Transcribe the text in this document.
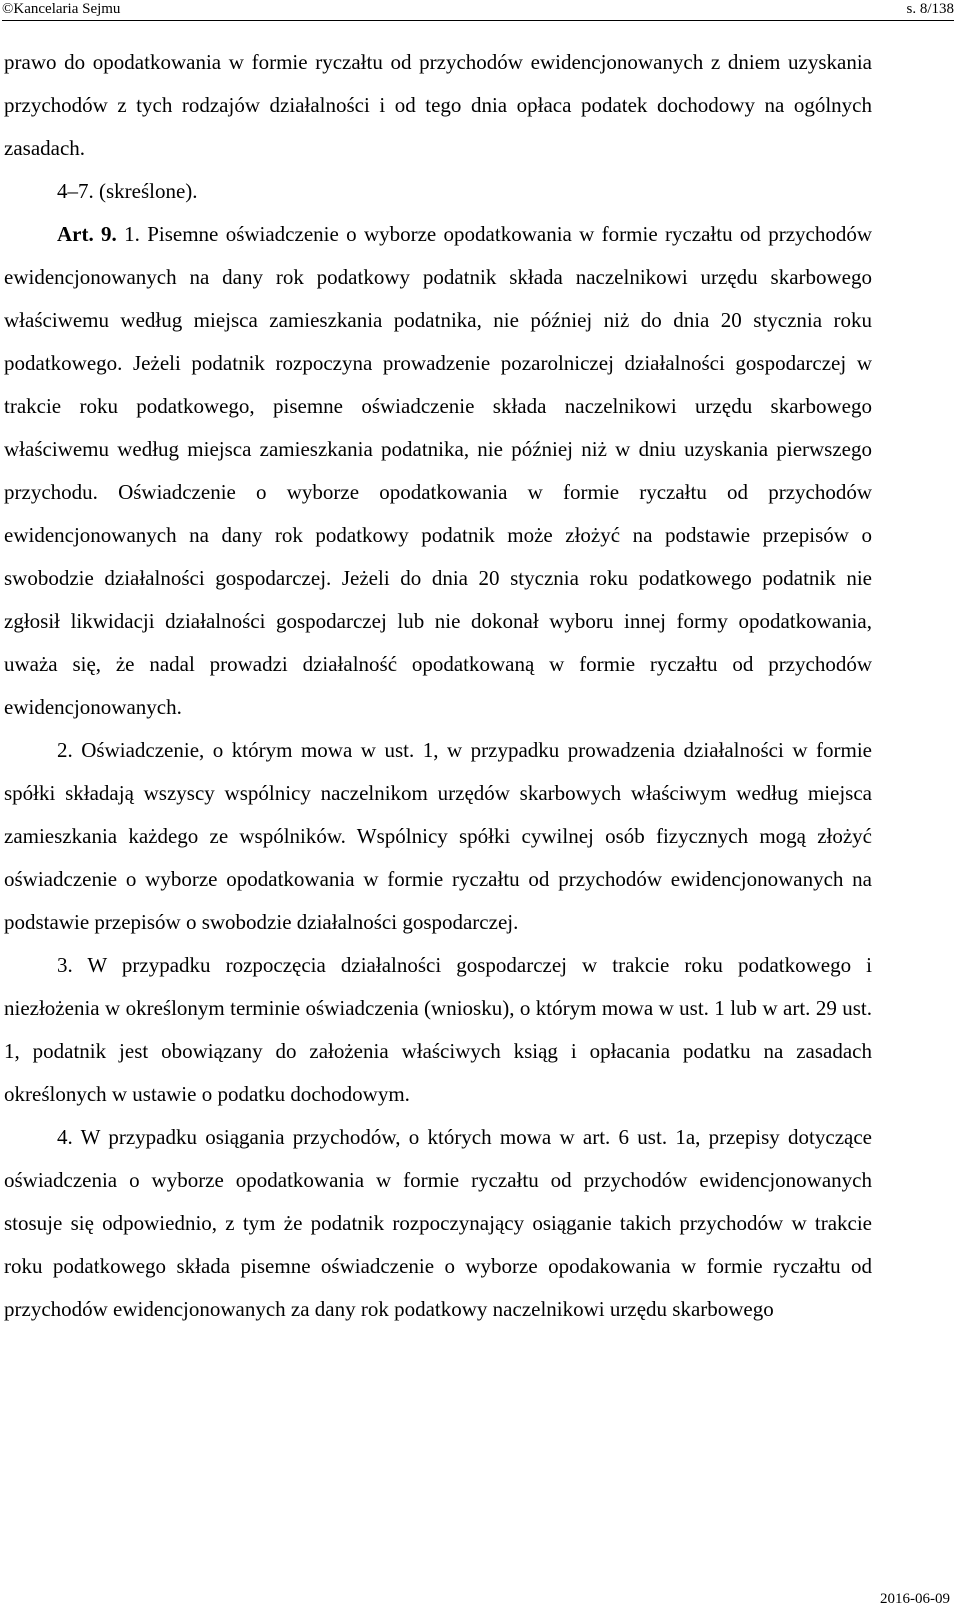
©Kancelaria Sejmu	s. 8/138

prawo do opodatkowania w formie ryczałtu od przychodów ewidencjonowanych z dniem uzyskania przychodów z tych rodzajów działalności i od tego dnia opłaca podatek dochodowy na ogólnych zasadach.

4–7. (skreślone).

Art. 9. 1. Pisemne oświadczenie o wyborze opodatkowania w formie ryczałtu od przychodów ewidencjonowanych na dany rok podatkowy podatnik składa naczelnikowi urzędu skarbowego właściwemu według miejsca zamieszkania podatnika, nie później niż do dnia 20 stycznia roku podatkowego. Jeżeli podatnik rozpoczyna prowadzenie pozarolniczej działalności gospodarczej w trakcie roku podatkowego, pisemne oświadczenie składa naczelnikowi urzędu skarbowego właściwemu według miejsca zamieszkania podatnika, nie później niż w dniu uzyskania pierwszego przychodu. Oświadczenie o wyborze opodatkowania w formie ryczałtu od przychodów ewidencjonowanych na dany rok podatkowy podatnik może złożyć na podstawie przepisów o swobodzie działalności gospodarczej. Jeżeli do dnia 20 stycznia roku podatkowego podatnik nie zgłosił likwidacji działalności gospodarczej lub nie dokonał wyboru innej formy opodatkowania, uważa się, że nadal prowadzi działalność opodatkowaną w formie ryczałtu od przychodów ewidencjonowanych.

2. Oświadczenie, o którym mowa w ust. 1, w przypadku prowadzenia działalności w formie spółki składają wszyscy wspólnicy naczelnikom urzędów skarbowych właściwym według miejsca zamieszkania każdego ze wspólników. Wspólnicy spółki cywilnej osób fizycznych mogą złożyć oświadczenie o wyborze opodatkowania w formie ryczałtu od przychodów ewidencjonowanych na podstawie przepisów o swobodzie działalności gospodarczej.

3. W przypadku rozpoczęcia działalności gospodarczej w trakcie roku podatkowego i niezłożenia w określonym terminie oświadczenia (wniosku), o którym mowa w ust. 1 lub w art. 29 ust. 1, podatnik jest obowiązany do założenia właściwych ksiąg i opłacania podatku na zasadach określonych w ustawie o podatku dochodowym.

4. W przypadku osiągania przychodów, o których mowa w art. 6 ust. 1a, przepisy dotyczące oświadczenia o wyborze opodatkowania w formie ryczałtu od przychodów ewidencjonowanych stosuje się odpowiednio, z tym że podatnik rozpoczynający osiąganie takich przychodów w trakcie roku podatkowego składa pisemne oświadczenie o wyborze opodakowania w formie ryczałtu od przychodów ewidencjonowanych za dany rok podatkowy naczelnikowi urzędu skarbowego

2016-06-09
